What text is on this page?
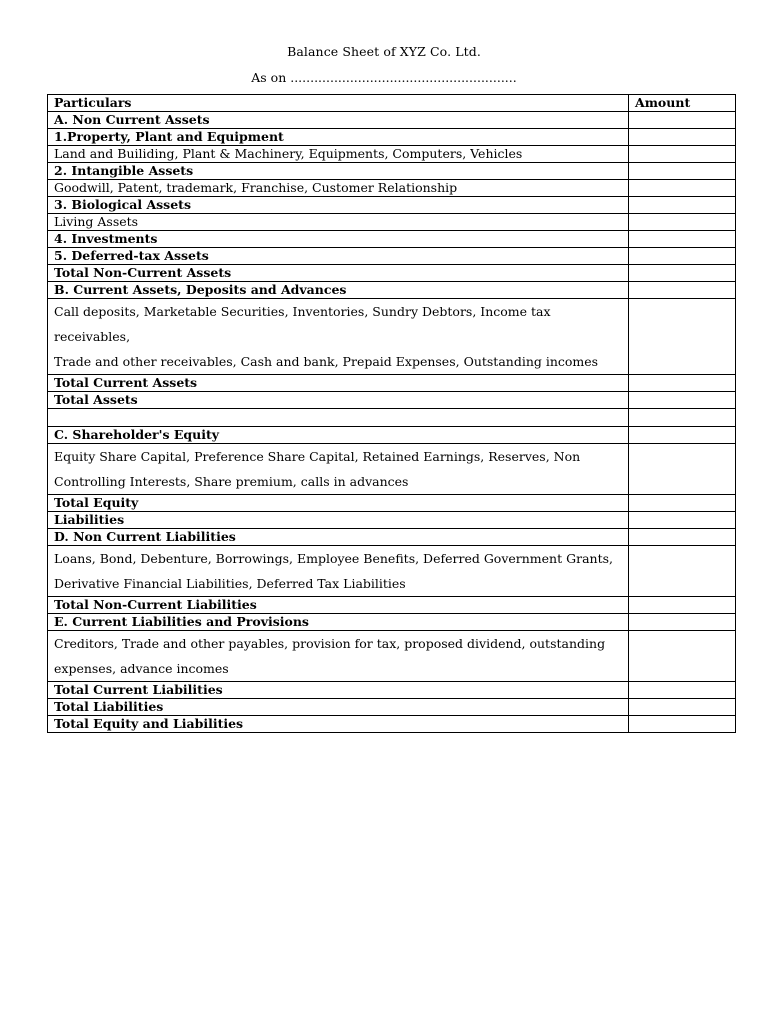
Balance Sheet of XYZ Co. Ltd.
As on .........................................................
Particulars	Amount
A. Non Current Assets	
1.Property, Plant and Equipment	
Land and Builiding, Plant & Machinery, Equipments, Computers, Vehicles	
2. Intangible Assets	
Goodwill, Patent, trademark, Franchise, Customer Relationship	
3. Biological Assets	
Living Assets	
4. Investments	
5. Deferred-tax Assets	
Total Non-Current Assets	
B. Current Assets, Deposits and Advances	

Call deposits, Marketable Securities, Inventories, Sundry Debtors, Income tax receivables,
Trade and other receivables, Cash and bank, Prepaid Expenses, Outstanding incomes	

Total Current Assets	
Total Assets	

C. Shareholder's Equity	

Equity Share Capital, Preference Share Capital, Retained Earnings, Reserves, Non
Controlling Interests, Share premium, calls in advances	

Total Equity	
Liabilities	
D. Non Current Liabilities	

Loans, Bond, Debenture, Borrowings, Employee Benefits, Deferred Government Grants,
Derivative Financial Liabilities, Deferred Tax Liabilities	

Total Non-Current Liabilities	
E. Current Liabilities and Provisions	

Creditors, Trade and other payables, provision for tax, proposed dividend, outstanding
expenses, advance incomes	

Total Current Liabilities	
Total Liabilities	
Total Equity and Liabilities	
